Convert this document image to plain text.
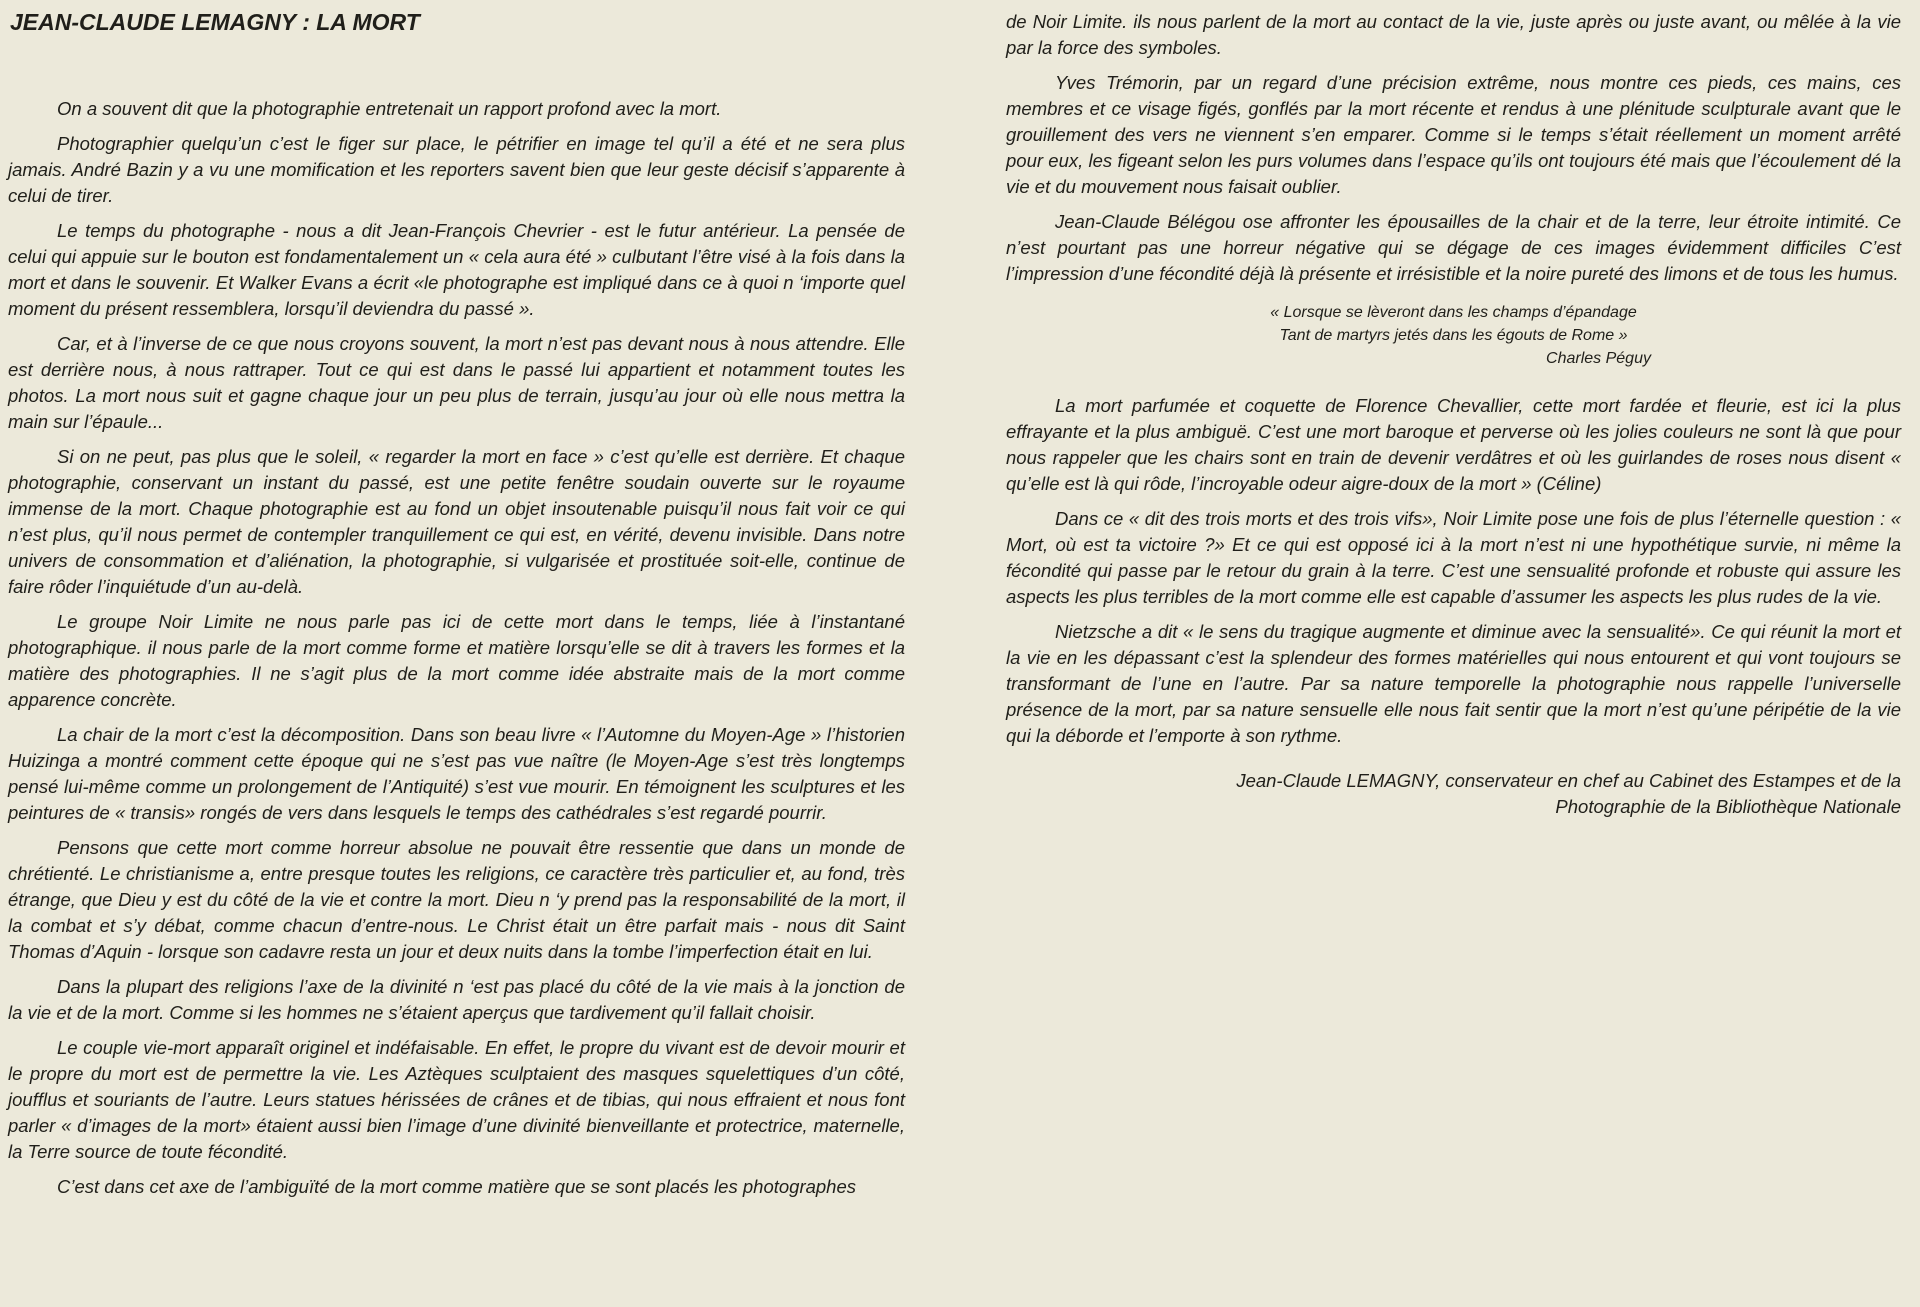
JEAN-CLAUDE LEMAGNY : LA MORT

On a souvent dit que la photographie entretenait un rapport profond avec la mort.

Photographier quelqu’un c’est le figer sur place, le pétrifier en image tel qu’il a été et ne sera plus jamais. André Bazin y a vu une momification et les reporters savent bien que leur geste décisif s’apparente à celui de tirer.

Le temps du photographe - nous a dit Jean-François Chevrier - est le futur antérieur. La pensée de celui qui appuie sur le bouton est fondamentalement un « cela aura été » culbutant l’être visé à la fois dans la mort et dans le souvenir. Et Walker Evans a écrit «le photographe est impliqué dans ce à quoi n ‘importe quel moment du présent ressemblera, lorsqu’il deviendra du passé ».

Car, et à l’inverse de ce que nous croyons souvent, la mort n’est pas devant nous à nous attendre. Elle est derrière nous, à nous rattraper. Tout ce qui est dans le passé lui appartient et notamment toutes les photos. La mort nous suit et gagne chaque jour un peu plus de terrain, jusqu’au jour où elle nous mettra la main sur l’épaule...

Si on ne peut, pas plus que le soleil, « regarder la mort en face » c’est qu’elle est derrière. Et chaque photographie, conservant un instant du passé, est une petite fenêtre soudain ouverte sur le royaume immense de la mort. Chaque photographie est au fond un objet insoutenable puisqu’il nous fait voir ce qui n’est plus, qu’il nous permet de contempler tranquillement ce qui est, en vérité, devenu invisible. Dans notre univers de consommation et d’aliénation, la photographie, si vulgarisée et prostituée soit-elle, continue de faire rôder l’inquiétude d’un au-delà.

Le groupe Noir Limite ne nous parle pas ici de cette mort dans le temps, liée à l’instantané photographique. il nous parle de la mort comme forme et matière lorsqu’elle se dit à travers les formes et la matière des photographies. Il ne s’agit plus de la mort comme idée abstraite mais de la mort comme apparence concrète.

La chair de la mort c’est la décomposition. Dans son beau livre « l’Automne du Moyen-Age » l’historien Huizinga a montré comment cette époque qui ne s’est pas vue naître (le Moyen-Age s’est très longtemps pensé lui-même comme un prolongement de l’Antiquité) s’est vue mourir. En témoignent les sculptures et les peintures de « transis» rongés de vers dans lesquels le temps des cathédrales s’est regardé pourrir.

Pensons que cette mort comme horreur absolue ne pouvait être ressentie que dans un monde de chrétienté. Le christianisme a, entre presque toutes les religions, ce caractère très particulier et, au fond, très étrange, que Dieu y est du côté de la vie et contre la mort. Dieu n ‘y prend pas la responsabilité de la mort, il la combat et s’y débat, comme chacun d’entre-nous. Le Christ était un être parfait mais - nous dit Saint Thomas d’Aquin - lorsque son cadavre resta un jour et deux nuits dans la tombe l’imperfection était en lui.

Dans la plupart des religions l’axe de la divinité n ‘est pas placé du côté de la vie mais à la jonction de la vie et de la mort. Comme si les hommes ne s’étaient aperçus que tardivement qu’il fallait choisir.

Le couple vie-mort apparaît originel et indéfaisable. En effet, le propre du vivant est de devoir mourir et le propre du mort est de permettre la vie. Les Aztèques sculptaient des masques squelettiques d’un côté, joufflus et souriants de l’autre. Leurs statues hérissées de crânes et de tibias, qui nous effraient et nous font parler « d’images de la mort» étaient aussi bien l’image d’une divinité bienveillante et protectrice, maternelle, la Terre source de toute fécondité.

C’est dans cet axe de l’ambiguïté de la mort comme matière que se sont placés les photographes

de Noir Limite. ils nous parlent de la mort au contact de la vie, juste après ou juste avant, ou mêlée à la vie par la force des symboles.

Yves Trémorin, par un regard d’une précision extrême, nous montre ces pieds, ces mains, ces membres et ce visage figés, gonflés par la mort récente et rendus à une plénitude sculpturale avant que le grouillement des vers ne viennent s’en emparer. Comme si le temps s’était réellement un moment arrêté pour eux, les figeant selon les purs volumes dans l’espace qu’ils ont toujours été mais que l’écoulement dé la vie et du mouvement nous faisait oublier.

Jean-Claude Bélégou ose affronter les épousailles de la chair et de la terre, leur étroite intimité. Ce n’est pourtant pas une horreur négative qui se dégage de ces images évidemment difficiles C’est l’impression d’une fécondité déjà là présente et irrésistible et la noire pureté des limons et de tous les humus.

« Lorsque se lèveront dans les champs d’épandage
Tant de martyrs jetés dans les égouts de Rome »
Charles Péguy

La mort parfumée et coquette de Florence Chevallier, cette mort fardée et fleurie, est ici la plus effrayante et la plus ambiguë. C’est une mort baroque et perverse où les jolies couleurs ne sont là que pour nous rappeler que les chairs sont en train de devenir verdâtres et où les guirlandes de roses nous disent « qu’elle est là qui rôde, l’incroyable odeur aigre-doux de la mort » (Céline)

Dans ce « dit des trois morts et des trois vifs», Noir Limite pose une fois de plus l’éternelle question : « Mort, où est ta victoire ?» Et ce qui est opposé ici à la mort n’est ni une hypothétique survie, ni même la fécondité qui passe par le retour du grain à la terre. C’est une sensualité profonde et robuste qui assure les aspects les plus terribles de la mort comme elle est capable d’assumer les aspects les plus rudes de la vie.

Nietzsche a dit « le sens du tragique augmente et diminue avec la sensualité». Ce qui réunit la mort et la vie en les dépassant c’est la splendeur des formes matérielles qui nous entourent et qui vont toujours se transformant de l’une en l’autre. Par sa nature temporelle la photographie nous rappelle l’universelle présence de la mort, par sa nature sensuelle elle nous fait sentir que la mort n’est qu’une péripétie de la vie qui la déborde et l’emporte à son rythme.

Jean-Claude LEMAGNY, conservateur en chef au Cabinet des Estampes et de la
Photographie de la Bibliothèque Nationale
